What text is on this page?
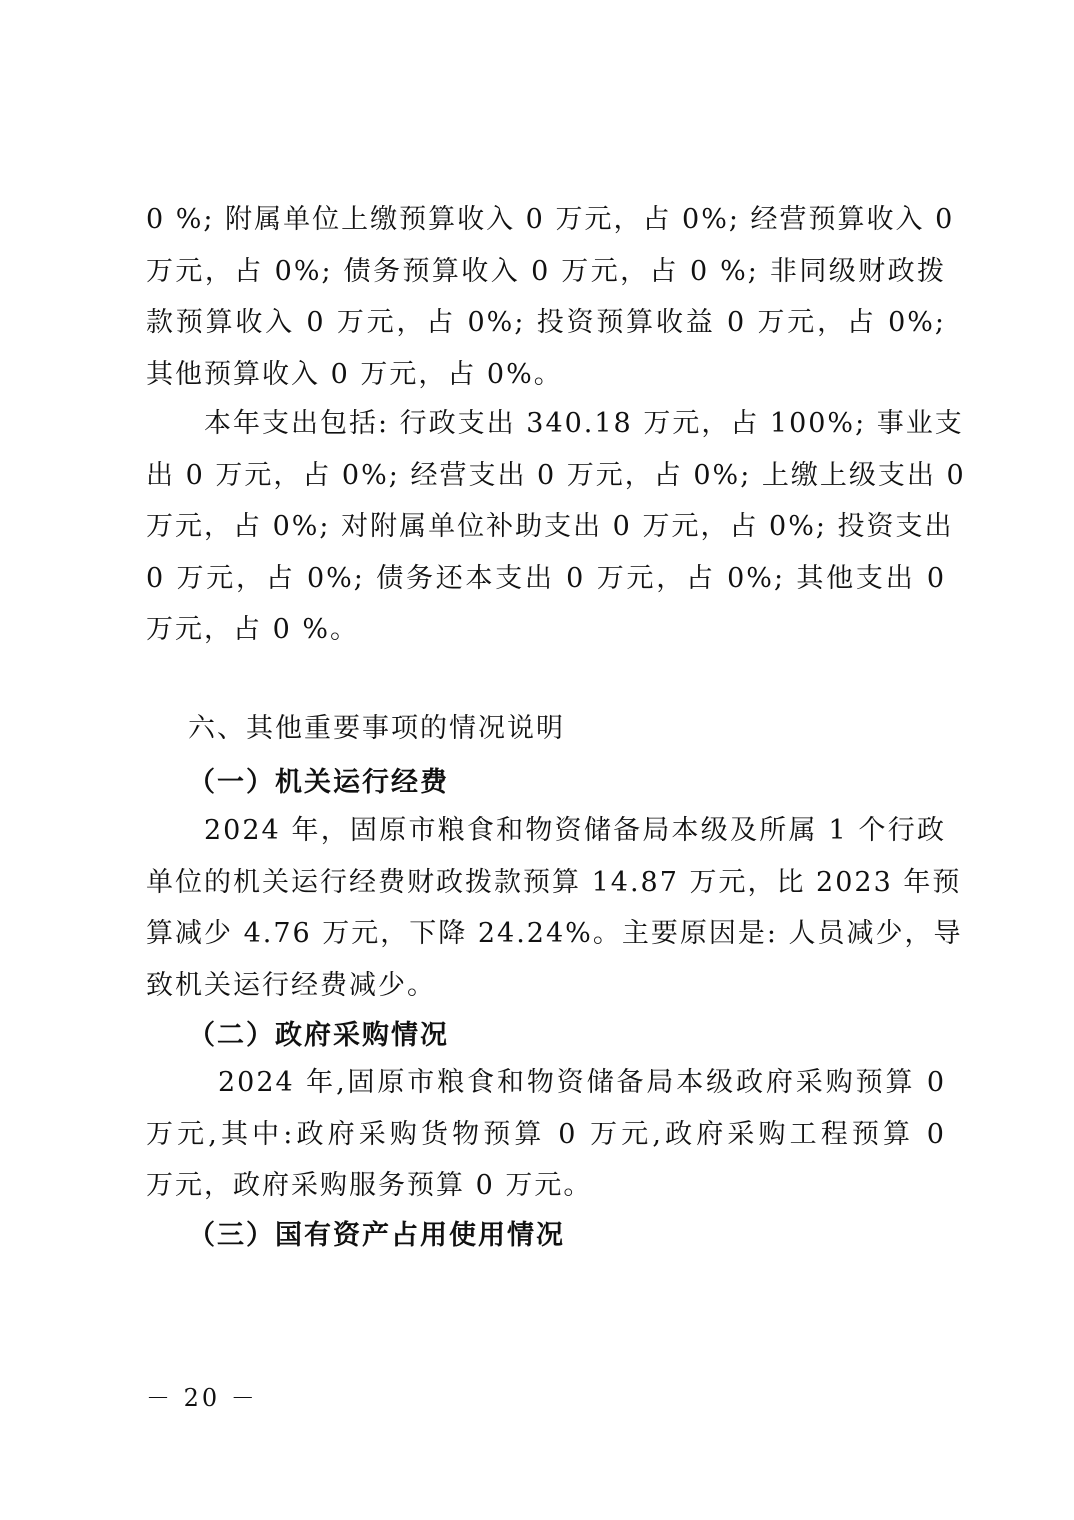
0 %; 附属单位上缴预算收入 0 万元，占 0%; 经营预算收入 0
万元，占 0%; 债务预算收入 0 万元，占 0 %; 非同级财政拨
款预算收入 0 万元，占 0%; 投资预算收益 0 万元，占 0%;
其他预算收入 0 万元，占 0%。
本年支出包括: 行政支出 340.18 万元，占 100%; 事业支
出 0 万元，占 0%; 经营支出 0 万元，占 0%; 上缴上级支出 0
万元，占 0%; 对附属单位补助支出 0 万元，占 0%; 投资支出
0 万元，占 0%; 债务还本支出 0 万元，占 0%; 其他支出 0
万元，占 0 %。
六、其他重要事项的情况说明
（一）机关运行经费
2024 年，固原市粮食和物资储备局本级及所属 1 个行政
单位的机关运行经费财政拨款预算 14.87 万元，比 2023 年预
算减少 4.76 万元，下降 24.24%。主要原因是: 人员减少，导
致机关运行经费减少。
（二）政府采购情况
2024 年,固原市粮食和物资储备局本级政府采购预算 0
万元,其中:政府采购货物预算 0 万元,政府采购工程预算 0
万元，政府采购服务预算 0 万元。
（三）国有资产占用使用情况
－ 20 －
